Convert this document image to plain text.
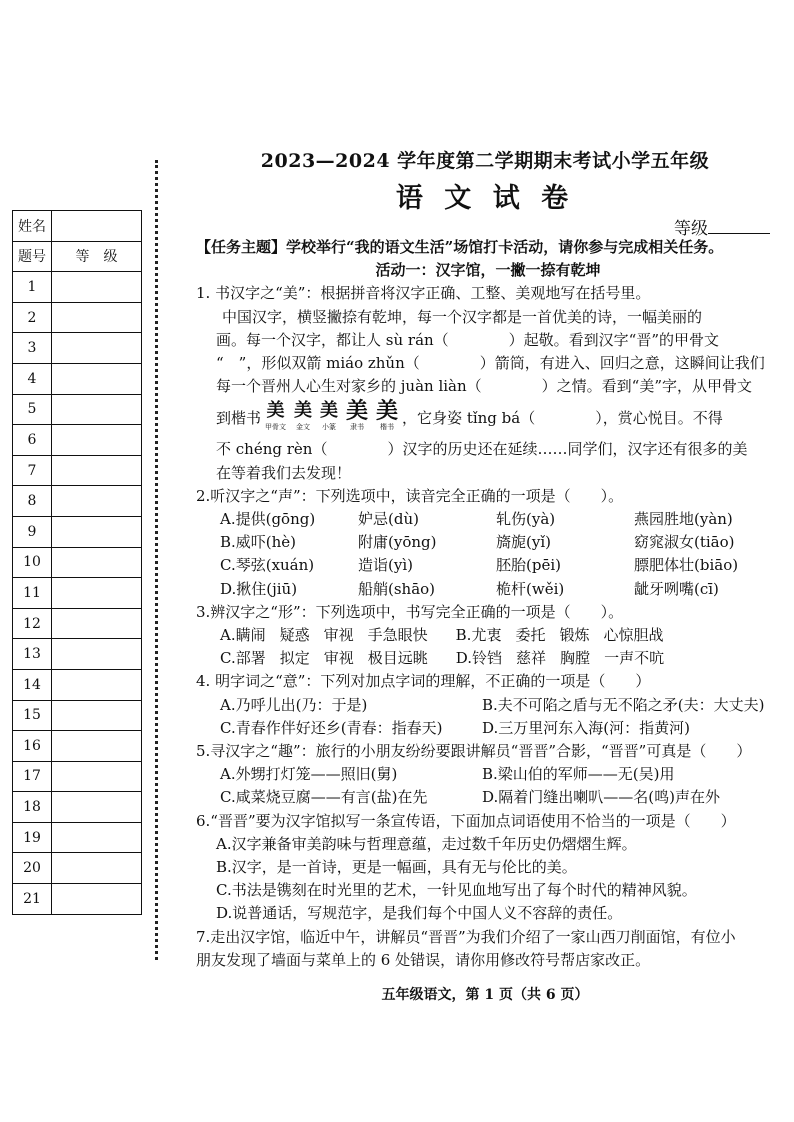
姓名	
题号	等　级
1	
2	
3	
4	
5	
6	
7	
8	
9	
10	
11	
12	
13	
14	
15	
16	
17	
18	
19	
20	
21	
2023—2024 学年度第二学期期末考试小学五年级
语 文 试 卷
等级

【任务主题】学校举行“我的语文生活”场馆打卡活动，请你参与完成相关任务。

活动一：汉字馆，一撇一捺有乾坤

1. 书汉字之“美”：根据拼音将汉字正确、工整、美观地写在括号里。

中国汉字，横竖撇捺有乾坤，每一个汉字都是一首优美的诗，一幅美丽的

画。每一个汉字，都让人 sù rán（　　　　）起敬。看到汉字“晋”的甲骨文

“　”，形似双箭 miáo zhǔn（　　　　）箭筒，有进入、回归之意，这瞬间让我们

每一个晋州人心生对家乡的 juàn liàn（　　　　）之情。看到“美”字，从甲骨文

到楷书 美
甲骨文
美
金文
美
小篆
美
隶书
美
楷书 ，它身姿 tǐng bá（　　　　），赏心悦目。不得

不 chéng rèn（　　　　）汉字的历史还在延续……同学们，汉字还有很多的美

在等着我们去发现！

2.听汉字之“声”：下列选项中，读音完全正确的一项是（　　）。

A.提供(gōng)	妒忌(dù)	轧伤(yà)	燕园胜地(yàn)

B.威吓(hè)	附庸(yōng)	旖旎(yǐ)	窈窕淑女(tiāo)

C.琴弦(xuán)	造诣(yì)	胚胎(pēi)	膘肥体壮(biāo)

D.揪住(jiū)	船艄(shāo)	桅杆(wěi)	龇牙咧嘴(cī)

3.辨汉字之“形”：下列选项中，书写完全正确的一项是（　　）。

A.瞒闹 疑惑 审视 手急眼快 B.尤衷 委托 锻炼 心惊胆战

C.部署 拟定 审视 极目远眺 D.铃铛 慈祥 胸膛 一声不吭

4. 明字词之“意”：下列对加点字词的理解，不正确的一项是（　　）

A.乃呼儿出(乃：于是)	B.夫不可陷之盾与无不陷之矛(夫：大丈夫)

C.青春作伴好还乡(青春：指春天)	D.三万里河东入海(河：指黄河)

5.寻汉字之“趣”：旅行的小朋友纷纷要跟讲解员“晋晋”合影，“晋晋”可真是（　　）

A.外甥打灯笼——照旧(舅)	B.梁山伯的军师——无(吴)用

C.咸菜烧豆腐——有言(盐)在先	D.隔着门缝出喇叭——名(鸣)声在外

6.“晋晋”要为汉字馆拟写一条宣传语，下面加点词语使用不恰当的一项是（　　）

A.汉字兼备审美韵味与哲理意蕴，走过数千年历史仍熠熠生辉。

B.汉字，是一首诗，更是一幅画，具有无与伦比的美。

C.书法是镌刻在时光里的艺术，一针见血地写出了每个时代的精神风貌。

D.说普通话，写规范字，是我们每个中国人义不容辞的责任。

7.走出汉字馆，临近中午，讲解员“晋晋”为我们介绍了一家山西刀削面馆，有位小

朋友发现了墙面与菜单上的 6 处错误，请你用修改符号帮店家改正。

五年级语文，第 1 页（共 6 页）
